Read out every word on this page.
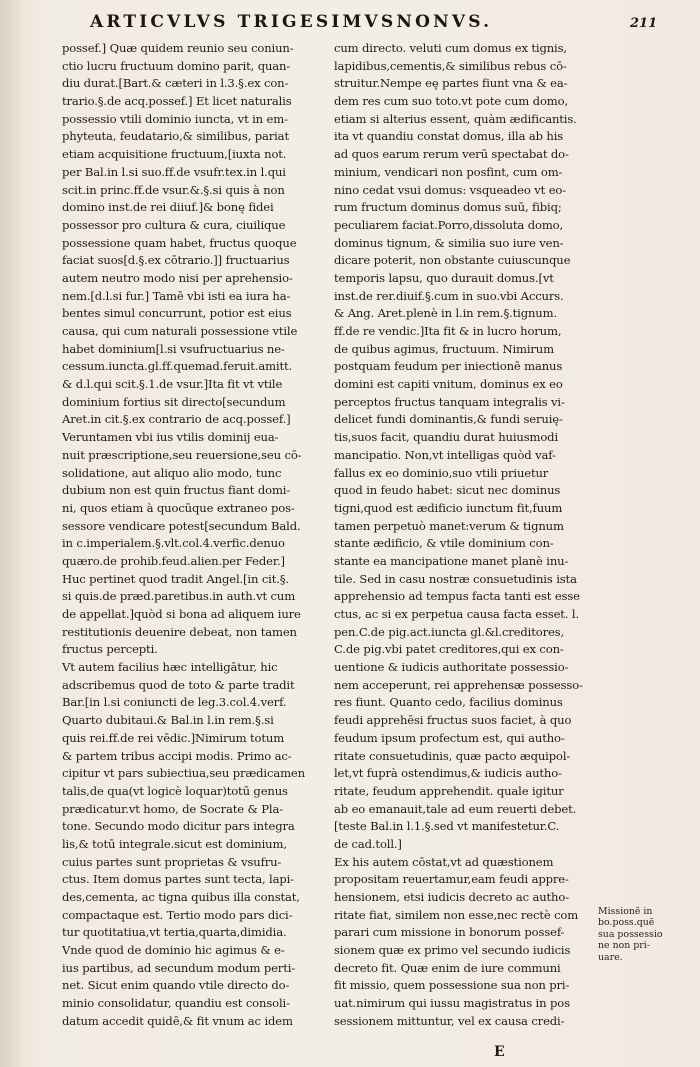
ARTICVLVS TRIGESIMVSNONVS.	211
possef.] Quæ quidem reunio seu coniun-
ctio lucru fructuum domino parit, quan-
diu durat.[Bart.& cæteri in l.3.§.ex con-
trario.§.de acq.possef.] Et licet naturalis
possessio vtili dominio iuncta, vt in em-
phyteuta, feudatario,& similibus, pariat
etiam acquisitione fructuum,[iuxta not.
per Bal.in l.si suo.ff.de vsufr.tex.in l.qui
scit.in princ.ff.de vsur.&.§.si quis à non
domino inst.de rei diiuf.]& bonę fidei
possessor pro cultura & cura, ciuilique
possessione quam habet, fructus quoque
faciat suos[d.§.ex cōtrario.]] fructuarius
autem neutro modo nisi per aprehensio-
nem.[d.l.si fur.] Tamē vbi isti ea iura ha-
bentes simul concurrunt, potior est eius
causa, qui cum naturali possessione vtile
habet dominium[l.si vsufructuarius ne-
cessum.iuncta.gl.ff.quemad.feruit.amitt.
& d.l.qui scit.§.1.de vsur.]Ita fit vt vtile
dominium fortius sit directo[secundum
Aret.in cit.§.ex contrario de acq.possef.]
Veruntamen vbi ius vtilis dominij eua-
nuit præscriptione,seu reuersione,seu cō-
solidatione, aut aliquo alio modo, tunc
dubium non est quin fructus fiant domi-
ni, quos etiam à quocūque extraneo pos-
sessore vendicare potest[secundum Bald.
in c.imperialem.§.vlt.col.4.verfic.denuo
quæro.de prohib.feud.alien.per Feder.]
Huc pertinet quod tradit Angel.[in cit.§.
si quis.de præd.paretibus.in auth.vt cum
de appellat.]quòd si bona ad aliquem iure
restitutionis deuenire debeat, non tamen
fructus percepti.
Vt autem facilius hæc intelligātur, hic
adscribemus quod de toto & parte tradit
Bar.[in l.si coniuncti de leg.3.col.4.verf.
Quarto dubitaui.& Bal.in l.in rem.§.si
quis rei.ff.de rei vēdic.]Nimirum totum
& partem tribus accipi modis. Primo ac-
cipitur vt pars subiectiua,seu prædicamen
talis,de qua(vt logicè loquar)totū genus
prædicatur.vt homo, de Socrate & Pla-
tone. Secundo modo dicitur pars integra
lis,& totū integrale.sicut est dominium,
cuius partes sunt proprietas & vsufru-
ctus. Item domus partes sunt tecta, lapi-
des,cementa, ac tigna quibus illa constat,
compactaque est. Tertio modo pars dici-
tur quotitatiua,vt tertia,quarta,dimidia.
Vnde quod de dominio hic agimus & e-
ius partibus, ad secundum modum perti-
net. Sicut enim quando vtile directo do-
minio consolidatur, quandiu est consoli-
datum accedit quidē,& fit vnum ac idem
cum directo. veluti cum domus ex tignis,
lapidibus,cementis,& similibus rebus cō-
struitur.Nempe eę partes fiunt vna & ea-
dem res cum suo toto.vt pote cum domo,
etiam si alterius essent, quàm ædificantis.
ita vt quandiu constat domus, illa ab his
ad quos earum rerum verū spectabat do-
minium, vendicari non posfint, cum om-
nino cedat vsui domus: vsqueadeo vt eo-
rum fructum dominus domus suū, fibiq;
peculiarem faciat.Porro,dissoluta domo,
dominus tignum, & similia suo iure ven-
dicare poterit, non obstante cuiuscunque
temporis lapsu, quo durauit domus.[vt
inst.de rer.diuif.§.cum in suo.vbi Accurs.
& Ang. Aret.plenè in l.in rem.§.tignum.
ff.de re vendic.]Ita fit & in lucro horum,
de quibus agimus, fructuum. Nimirum
postquam feudum per iniectionē manus
domini est capiti vnitum, dominus ex eo
perceptos fructus tanquam integralis vi-
delicet fundi dominantis,& fundi seruię-
tis,suos facit, quandiu durat huiusmodi
mancipatio. Non,vt intelligas quòd vaf-
fallus ex eo dominio,suo vtili priuetur
quod in feudo habet: sicut nec dominus
tigni,quod est ædificio iunctum fit,fuum
tamen perpetuò manet:verum & tignum
stante ædificio, & vtile dominium con-
stante ea mancipatione manet planè inu-
tile. Sed in casu nostræ consuetudinis ista
apprehensio ad tempus facta tanti est esse
ctus, ac si ex perpetua causa facta esset. l.
pen.C.de pig.act.iuncta gl.&l.creditores,
C.de pig.vbi patet creditores,qui ex con-
uentione & iudicis authoritate possessio-
nem acceperunt, rei apprehensæ possesso-
res fiunt. Quanto cedo, facilius dominus
feudi apprehēsi fructus suos faciet, à quo
feudum ipsum profectum est, qui autho-
ritate consuetudinis, quæ pacto æquipol-
let,vt fuprà ostendimus,& iudicis autho-
ritate, feudum apprehendit. quale igitur
ab eo emanauit,tale ad eum reuerti debet.
[teste Bal.in l.1.§.sed vt manifestetur.C.
de cad.toll.]
Ex his autem cōstat,vt ad quæstionem
propositam reuertamur,eam feudi appre-
hensionem, etsi iudicis decreto ac autho-
ritate fiat, similem non esse,nec rectè com
parari cum missione in bonorum possef-
sionem quæ ex primo vel secundo iudicis
decreto fit. Quæ enim de iure communi
fit missio, quem possessione sua non pri-
uat.nimirum qui iussu magistratus in pos
sessionem mittuntur, vel ex causa credi-
Missionē in
bo.poss.quē
sua possessio
ne non pri-
uare.
E
